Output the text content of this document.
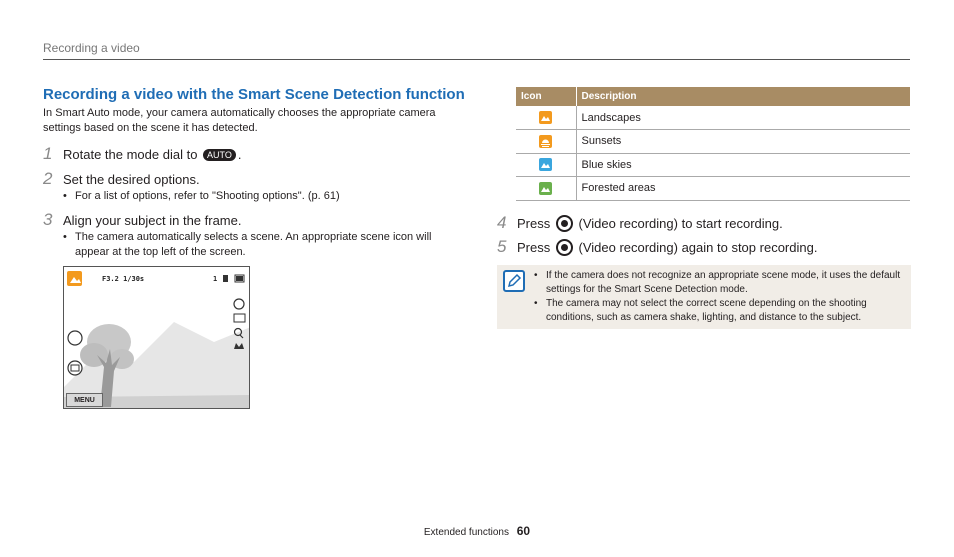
Recording a video
Recording a video with the Smart Scene Detection function
In Smart Auto mode, your camera automatically chooses the appropriate camera settings based on the scene it has detected.
1 Rotate the mode dial to AUTO .
2 Set the desired options.
• For a list of options, refer to "Shooting options". (p. 61)
3 Align your subject in the frame.
• The camera automatically selects a scene. An appropriate scene icon will
appear at the top left of the screen.
F3.2 1/30s	1
MENU
Icon	Description
	Landscapes
	Sunsets
	Blue skies
	Forested areas
4 Press (Video recording) to start recording.
5 Press (Video recording) again to stop recording.
• If the camera does not recognize an appropriate scene mode, it uses the default
settings for the Smart Scene Detection mode.
• The camera may not select the correct scene depending on the shooting
conditions, such as camera shake, lighting, and distance to the subject.
Extended functions 60
